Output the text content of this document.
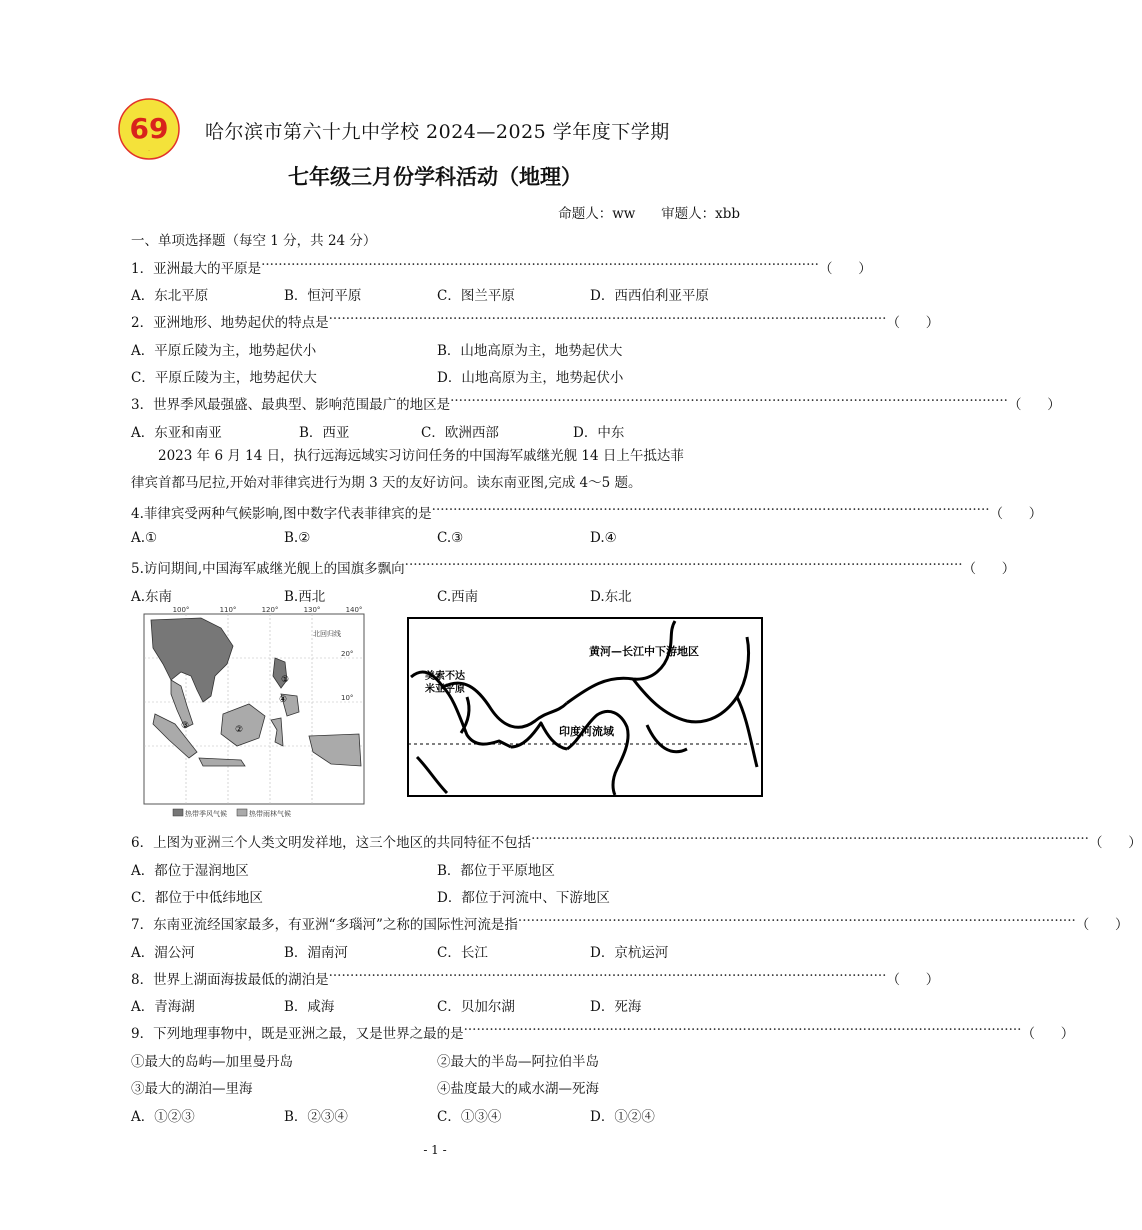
69
·
哈尔滨市第六十九中学校 2024—2025 学年度下学期
七年级三月份学科活动（地理）
命题人：ww      审题人：xbb
一、单项选择题（每空 1 分，共 24 分）
1．亚洲最大的平原是 ·································································································································· （      ）
A．东北平原	B．恒河平原	C．图兰平原	D．西西伯利亚平原
2．亚洲地形、地势起伏的特点是 ·································································································································· （      ）
A．平原丘陵为主，地势起伏小	B．山地高原为主，地势起伏大
C．平原丘陵为主，地势起伏大	D．山地高原为主，地势起伏小
3．世界季风最强盛、最典型、影响范围最广的地区是 ·································································································································· （      ）
A．东亚和南亚	B．西亚	C．欧洲西部	D．中东

2023 年 6 月 14 日，执行远海远域实习访问任务的中国海军戚继光舰 14 日上午抵达菲

律宾首都马尼拉,开始对菲律宾进行为期 3 天的友好访问。读东南亚图,完成 4～5 题。

4.菲律宾受两种气候影响,图中数字代表菲律宾的是 ·································································································································· （      ）
A.①	B.②	C.③	D.④
5.访问期间,中国海军戚继光舰上的国旗多飘向 ·································································································································· （      ）
A.东南	B.西北	C.西南	D.东北
100°	110°	120°	130°	140°
20°
10°
北回归线
①
②
③
④
热带季风气候	热带雨林气候
黄河—长江中下游地区
印度河流域
美索不达米亚平原
6．上图为亚洲三个人类文明发祥地，这三个地区的共同特征不包括 ·································································································································· （      ）
A．都位于湿润地区	B．都位于平原地区
C．都位于中低纬地区	D．都位于河流中、下游地区
7．东南亚流经国家最多，有亚洲“多瑙河”之称的国际性河流是指 ·································································································································· （      ）
A．湄公河	B．湄南河	C．长江	D．京杭运河
8．世界上湖面海拔最低的湖泊是 ·································································································································· （      ）
A．青海湖	B．咸海	C．贝加尔湖	D．死海
9．下列地理事物中，既是亚洲之最，又是世界之最的是 ·································································································································· （      ）
①最大的岛屿—加里曼丹岛	②最大的半岛—阿拉伯半岛
③最大的湖泊—里海	④盐度最大的咸水湖—死海
A．①②③	B．②③④	C．①③④	D．①②④
- 1 -
